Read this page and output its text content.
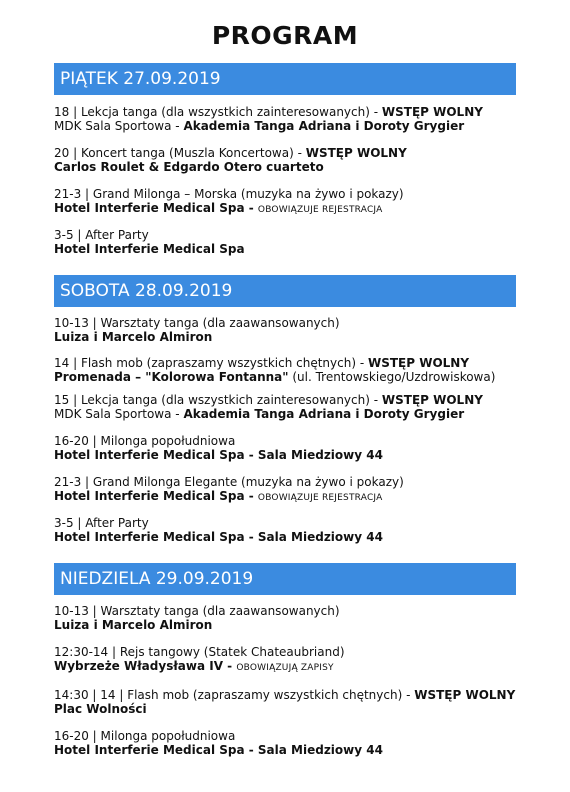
PROGRAM
PIĄTEK 27.09.2019
18 | Lekcja tanga (dla wszystkich zainteresowanych) - WSTĘP WOLNY
MDK Sala Sportowa - Akademia Tanga Adriana i Doroty Grygier
20 | Koncert tanga (Muszla Koncertowa) - WSTĘP WOLNY
Carlos Roulet & Edgardo Otero cuarteto
21-3 | Grand Milonga – Morska (muzyka na żywo i pokazy)
Hotel Interferie Medical Spa - OBOWIĄZUJE REJESTRACJA
3-5 | After Party
Hotel Interferie Medical Spa
SOBOTA 28.09.2019
10-13 | Warsztaty tanga (dla zaawansowanych)
Luiza i Marcelo Almiron
14 | Flash mob (zapraszamy wszystkich chętnych) - WSTĘP WOLNY
Promenada – "Kolorowa Fontanna" (ul. Trentowskiego/Uzdrowiskowa)
15 | Lekcja tanga (dla wszystkich zainteresowanych) - WSTĘP WOLNY
MDK Sala Sportowa - Akademia Tanga Adriana i Doroty Grygier
16-20 | Milonga popołudniowa
Hotel Interferie Medical Spa - Sala Miedziowy 44
21-3 | Grand Milonga Elegante (muzyka na żywo i pokazy)
Hotel Interferie Medical Spa - OBOWIĄZUJE REJESTRACJA
3-5 | After Party
Hotel Interferie Medical Spa - Sala Miedziowy 44
NIEDZIELA 29.09.2019
10-13 | Warsztaty tanga (dla zaawansowanych)
Luiza i Marcelo Almiron
12:30-14 | Rejs tangowy (Statek Chateaubriand)
Wybrzeże Władysława IV - OBOWIĄZUJĄ ZAPISY
14:30 | 14 | Flash mob (zapraszamy wszystkich chętnych) - WSTĘP WOLNY
Plac Wolności
16-20 | Milonga popołudniowa
Hotel Interferie Medical Spa - Sala Miedziowy 44
